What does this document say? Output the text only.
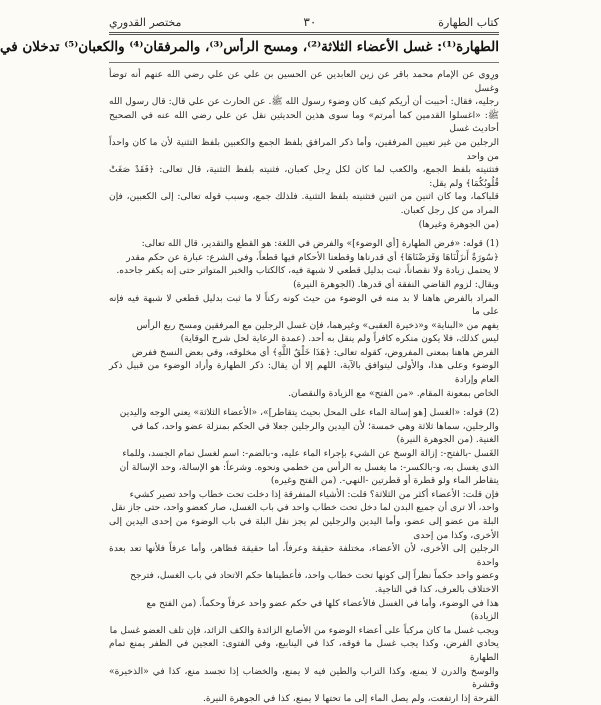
كتاب الطهارة
٣٠
مختصر القدوري
الطهارة⁽¹⁾: غسل الأعضاء الثلاثة⁽²⁾، ومسح الرأس⁽³⁾، والمرفقان⁽⁴⁾ والكعبان⁽⁵⁾ تدخلان في

ورِوي عن الإمام محمد باقر عن زين العابدين عن الحسين بن علي عن علي رضي الله عنهم أنه توضأ وغسل

رجليه، فقال: أحببت أن أريكم كيف كان وضوء رسول الله ﷺ. عن الحارث عن علي قال: قال رسول الله ﷺ: «اغسلوا القدمين كما أمرتم» وما سوى هذين الحديثين نقل عن علي رضي الله عنه في الصحيح أحاديث غسل

الرجلين من غير تعيين المرفقين، وأما ذكر المرافق بلفظ الجمع والكعبين بلفظ التثنية لأن ما كان واحداً من واحد

فتثنيته بلفظ الجمع، والكعب لما كان لكل رِجل كعبان، فثنيته بلفظ التثنية، قال تعالى: ﴿فَقَدْ صَغَتْ قُلُوبُكُمَا﴾ ولم يقل:

قلباكما، وما كان اثنين من اثنين فتثنيته بلفظ التثنية. فلذلك جمع، وسبب قوله تعالى: إلى الكعبين، فإن المراد من كل رجل كعبان.

(من الجوهرة وغيرها)

(1) قوله: «فرض الطهارة [أي الوضوء]» والفرض في اللغة: هو القطع والتقدير، قال الله تعالى:

﴿سُورَةٌ أَنزَلْنَاهَا وَفَرَضْنَاهَا﴾ أي قدرناها وقطعنا الأحكام فيها قطعاً، وفي الشرع: عبارة عن حكم مقدر

لا يحتمل زيادة ولا نقصاناً، ثبت بدليل قطعي لا شبهة فيه، كالكتاب والخبر المتواتر حتى إنه يكفر جاحده.

ويقال: لزوم القاضي النفقة أي قدرها. (الجوهرة النيرة)

المراد بالفرض هاهنا لا بد منه في الوضوء من حيث كونه ركناً لا ما ثبت بدليل قطعي لا شبهة فيه فإنه على ما

يفهم من «البناية» و«ذخيرة العقبى» وغيرهما، فإن غسل الرجلين مع المرفقين ومسح ربع الرأس

ليس كذلك، فلا يكون منكره كافراً ولم ينقل به أحد. (عمدة الرعاية لحل شرح الوقاية)

الفرض هاهنا بمعنى المفروض، كقوله تعالى: ﴿هَذَا خَلْقُ اللَّهِ﴾ أي مخلوقه، وفي بعض النسخ ففرض

الوضوء وعلى هذا، والأولى ليتوافق بالآية، اللهم إلا أن يقال: ذكر الطهارة وأراد الوضوء من قبيل ذكر العام وإرادة

الخاص بمعونة المقام. «من الفتح» مع الزيادة والنقصان.

(2) قوله: «الغسل [هو إسالة الماء على المحل بحيث يتقاطر]»، «الأعضاء الثلاثة» يعني الوجه واليدين

والرجلين، سماها ثلاثة وهي خمسة؛ لأن اليدين والرجلين جعلا في الحكم بمنزلة عضو واحد، كما في

الغنية. (من الجوهرة النيرة)

الغَسل -بالفتح-: إزالة الوسخ عن الشيء بإجراء الماء عليه، و-بالضم-: اسم لغسل تمام الجسد، وللماء

الذي يغسل به، و-بالكسر-: ما يغسل به الرأس من خطمي ونحوه. وشرعاً: هو الإسالة، وحد الإسالة أن

يتقاطر الماء ولو قطرة أو قطرتين -النهي-. (من الفتح وغيره)

فإن قلت: الأعضاء أكثر من الثلاثة؟ قلت: الأشياء المتفرقة إذا دخلت تحت خطاب واحد تصير كشيء

واحد، ألا ترى أن جميع البدن لما دخل تحت خطاب واحد في باب الغسل، صار كعضو واحد، حتى جاز نقل

البلة من عضو إلى عضو، وأما اليدين والرجلين لم يجز نقل البلة في باب الوضوء من إحدى اليدين إلى الأخرى، وكذا من إحدى

الرجلين إلى الأخرى، لأن الأعضاء، مختلفة حقيقة وعرفاً، أما حقيقة فظاهر، وأما عرفاً فلأنها تعد بعدة واحدة

وعضو واحد حكماً نظراً إلى كونها تحت خطاب واحد، فأعطيناها حكم الاتحاد في باب الغسل، فترجح

الاختلاف بالعرف، كذا في التاجية.

هذا في الوضوء، وأما في الغسل فالأعضاء كلها في حكم عضو واحد عرفاً وحكماً. (من الفتح مع

الزيادة)

ويجب غسل ما كان مركباً على أعضاء الوضوء من الأصابع الزائدة والكف الزائد، فإن تلف العضو غسل ما

يحاذي الفرض، وكذا يجب غسل ما فوقه، كذا في الينابيع، وفي الفتوى: العجين في الظفر يمنع تمام الطهارة

والوسخ والدرن لا يمنع، وكذا التراب والطين فيه لا يمنع، والخضاب إذا تجسد منع، كذا في «الذخيرة» وقشرة

القرحة إذا ارتفعت، ولم يصل الماء إلى ما تحتها لا يمنع، كذا في الجوهرة النيرة.
